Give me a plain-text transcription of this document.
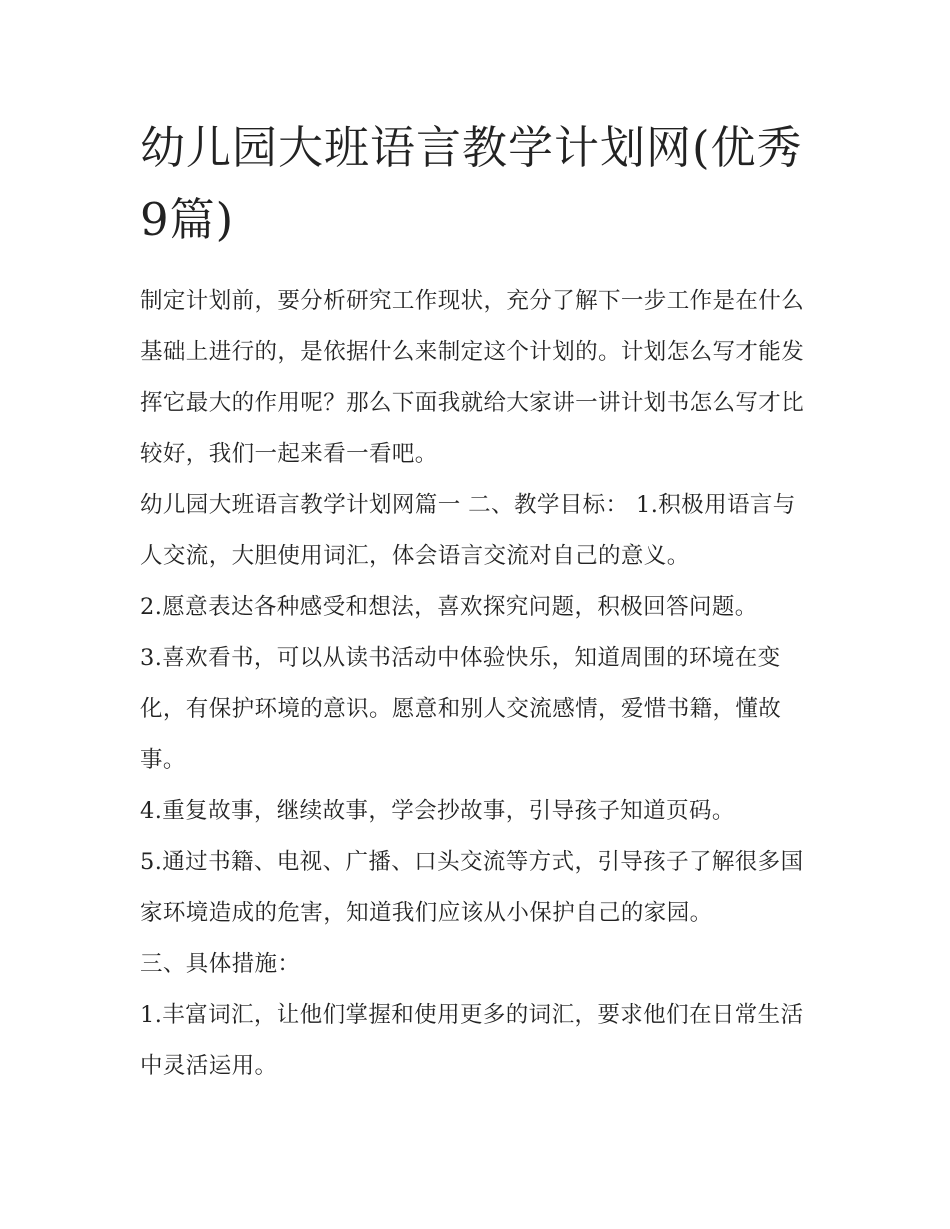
幼儿园大班语言教学计划网(优秀9篇)

制定计划前，要分析研究工作现状，充分了解下一步工作是在什么基础上进行的，是依据什么来制定这个计划的。计划怎么写才能发挥它最大的作用呢？那么下面我就给大家讲一讲计划书怎么写才比较好，我们一起来看一看吧。

幼儿园大班语言教学计划网篇一 二、教学目标： 1.积极用语言与人交流，大胆使用词汇，体会语言交流对自己的意义。

2.愿意表达各种感受和想法，喜欢探究问题，积极回答问题。

3.喜欢看书，可以从读书活动中体验快乐，知道周围的环境在变化，有保护环境的意识。愿意和别人交流感情，爱惜书籍，懂故事。

4.重复故事，继续故事，学会抄故事，引导孩子知道页码。

5.通过书籍、电视、广播、口头交流等方式，引导孩子了解很多国家环境造成的危害，知道我们应该从小保护自己的家园。

三、具体措施：

1.丰富词汇，让他们掌握和使用更多的词汇，要求他们在日常生活中灵活运用。
